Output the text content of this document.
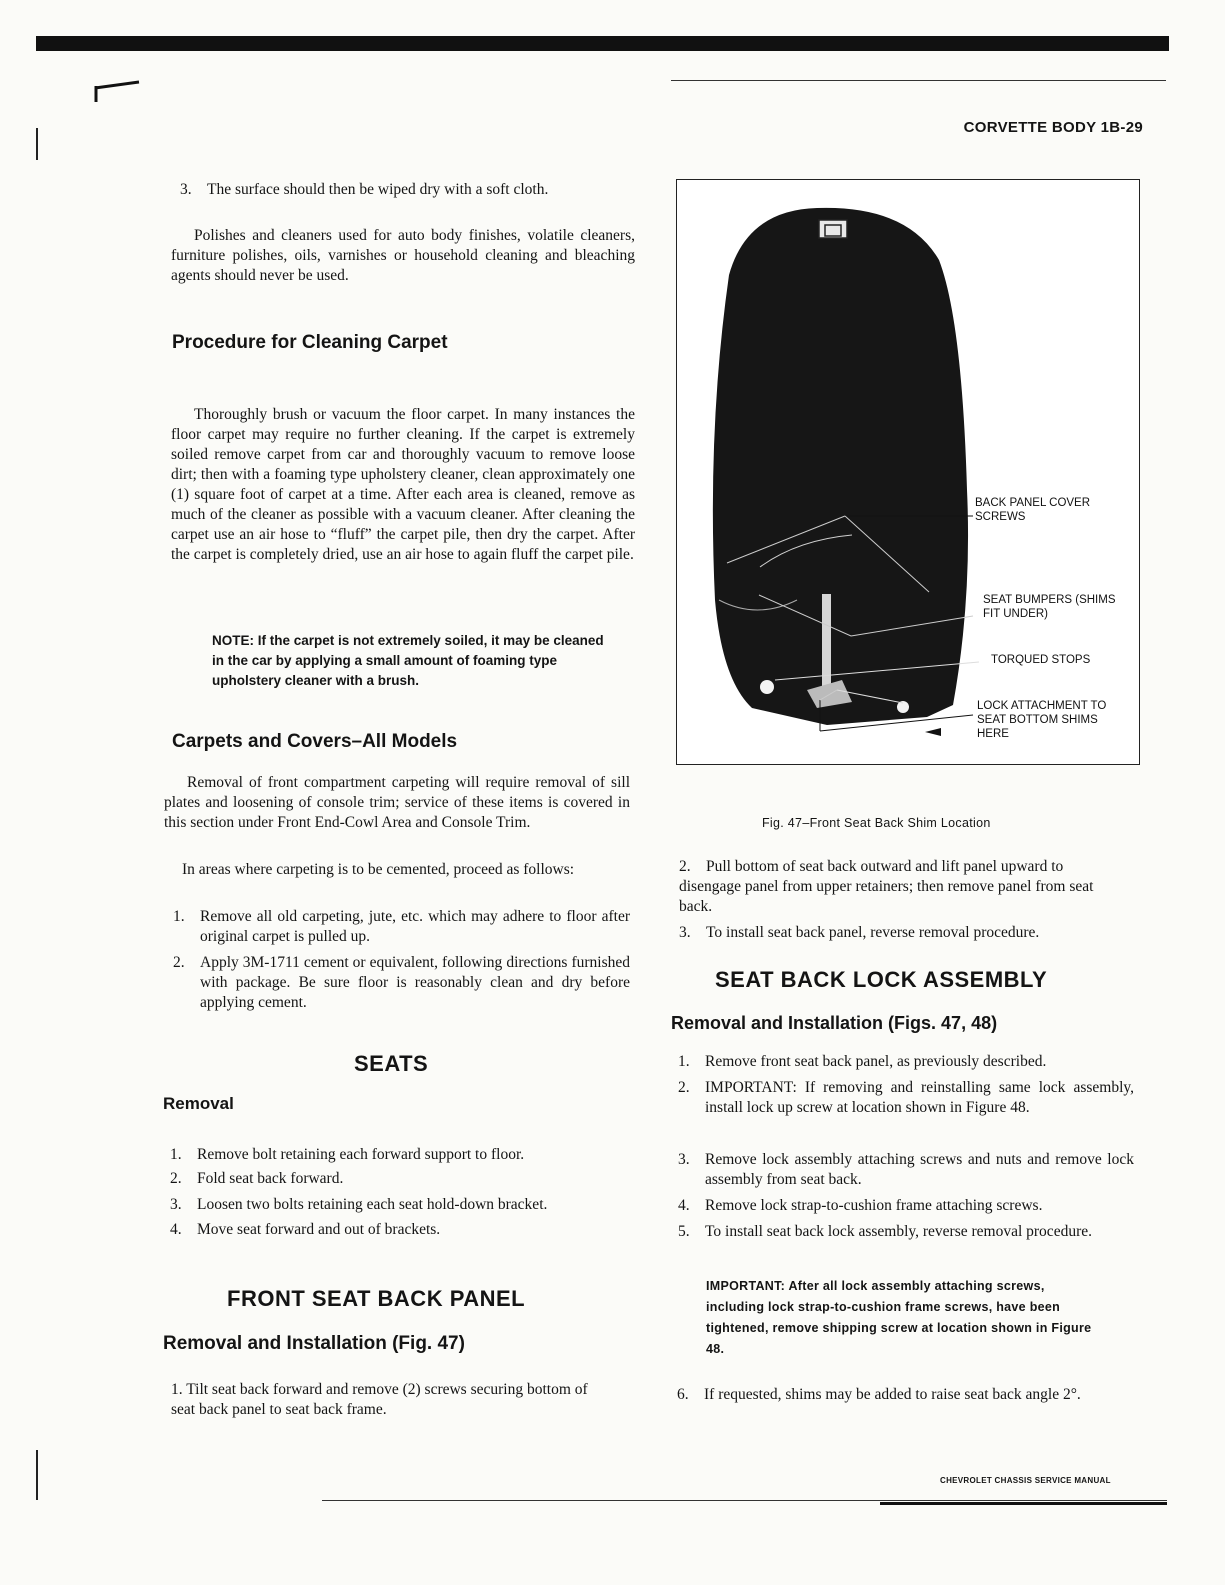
CORVETTE BODY 1B-29
3. The surface should then be wiped dry with a soft cloth.

Polishes and cleaners used for auto body finishes, volatile cleaners, furniture polishes, oils, varnishes or household cleaning and bleaching agents should never be used.

Procedure for Cleaning Carpet

Thoroughly brush or vacuum the floor carpet. In many instances the floor carpet may require no further cleaning. If the carpet is extremely soiled remove carpet from car and thoroughly vacuum to remove loose dirt; then with a foaming type upholstery cleaner, clean approximately one (1) square foot of carpet at a time. After each area is cleaned, remove as much of the cleaner as possible with a vacuum cleaner. After cleaning the carpet use an air hose to “fluff” the carpet pile, then dry the carpet. After the carpet is completely dried, use an air hose to again fluff the carpet pile.

NOTE: If the carpet is not extremely soiled, it may be cleaned in the car by applying a small amount of foaming type upholstery cleaner with a brush.

Carpets and Covers–All Models

Removal of front compartment carpeting will require removal of sill plates and loosening of console trim; service of these items is covered in this section under Front End-Cowl Area and Console Trim.

In areas where carpeting is to be cemented, proceed as follows:

1. Remove all old carpeting, jute, etc. which may adhere to floor after original carpet is pulled up.
2. Apply 3M-1711 cement or equivalent, following directions furnished with package. Be sure floor is reasonably clean and dry before applying cement.
SEATS
Removal
1. Remove bolt retaining each forward support to floor.
2. Fold seat back forward.
3. Loosen two bolts retaining each seat hold-down bracket.
4. Move seat forward and out of brackets.
FRONT SEAT BACK PANEL
Removal and Installation (Fig. 47)

1. Tilt seat back forward and remove (2) screws securing bottom of seat back panel to seat back frame.

BACK PANEL COVER SCREWS
SEAT BUMPERS (SHIMS FIT UNDER)
TORQUED STOPS
LOCK ATTACHMENT TO SEAT BOTTOM SHIMS HERE
Fig. 47–Front Seat Back Shim Location
2. Pull bottom of seat back outward and lift panel upward to disengage panel from upper retainers; then remove panel from seat back.
3. To install seat back panel, reverse removal procedure.
SEAT BACK LOCK ASSEMBLY
Removal and Installation (Figs. 47, 48)
1. Remove front seat back panel, as previously described.
2. IMPORTANT: If removing and reinstalling same lock assembly, install lock up screw at location shown in Figure 48.
3. Remove lock assembly attaching screws and nuts and remove lock assembly from seat back.
4. Remove lock strap-to-cushion frame attaching screws.
5. To install seat back lock assembly, reverse removal procedure.

IMPORTANT: After all lock assembly attaching screws, including lock strap-to-cushion frame screws, have been tightened, remove shipping screw at location shown in Figure 48.

6. If requested, shims may be added to raise seat back angle 2°.
CHEVROLET CHASSIS SERVICE MANUAL
